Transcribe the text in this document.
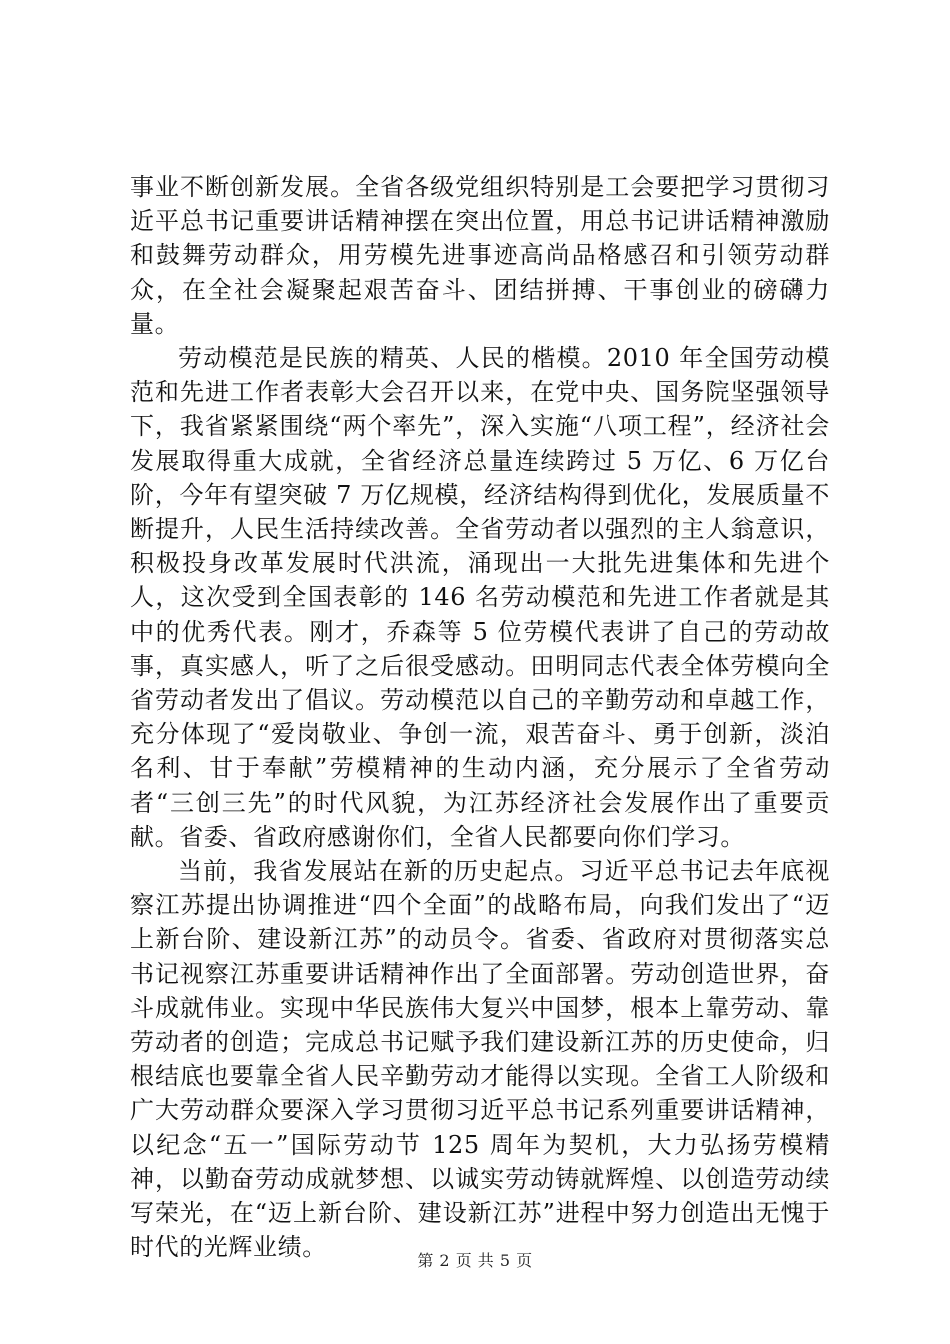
事业不断创新发展。全省各级党组织特别是工会要把学习贯彻习近平总书记重要讲话精神摆在突出位置，用总书记讲话精神激励和鼓舞劳动群众，用劳模先进事迹高尚品格感召和引领劳动群众，在全社会凝聚起艰苦奋斗、团结拼搏、干事创业的磅礴力量。

劳动模范是民族的精英、人民的楷模。2010 年全国劳动模范和先进工作者表彰大会召开以来，在党中央、国务院坚强领导下，我省紧紧围绕“两个率先”，深入实施“八项工程”，经济社会发展取得重大成就，全省经济总量连续跨过 5 万亿、6 万亿台阶，今年有望突破 7 万亿规模，经济结构得到优化，发展质量不断提升，人民生活持续改善。全省劳动者以强烈的主人翁意识，积极投身改革发展时代洪流，涌现出一大批先进集体和先进个人，这次受到全国表彰的 146 名劳动模范和先进工作者就是其中的优秀代表。刚才，乔森等 5 位劳模代表讲了自己的劳动故事，真实感人，听了之后很受感动。田明同志代表全体劳模向全省劳动者发出了倡议。劳动模范以自己的辛勤劳动和卓越工作，充分体现了“爱岗敬业、争创一流，艰苦奋斗、勇于创新，淡泊名利、甘于奉献”劳模精神的生动内涵，充分展示了全省劳动者“三创三先”的时代风貌，为江苏经济社会发展作出了重要贡献。省委、省政府感谢你们，全省人民都要向你们学习。

当前，我省发展站在新的历史起点。习近平总书记去年底视察江苏提出协调推进“四个全面”的战略布局，向我们发出了“迈上新台阶、建设新江苏”的动员令。省委、省政府对贯彻落实总书记视察江苏重要讲话精神作出了全面部署。劳动创造世界，奋斗成就伟业。实现中华民族伟大复兴中国梦，根本上靠劳动、靠劳动者的创造；完成总书记赋予我们建设新江苏的历史使命，归根结底也要靠全省人民辛勤劳动才能得以实现。全省工人阶级和广大劳动群众要深入学习贯彻习近平总书记系列重要讲话精神，以纪念“五一”国际劳动节 125 周年为契机，大力弘扬劳模精神，以勤奋劳动成就梦想、以诚实劳动铸就辉煌、以创造劳动续写荣光，在“迈上新台阶、建设新江苏”进程中努力创造出无愧于时代的光辉业绩。	第 2 页 共 5 页
